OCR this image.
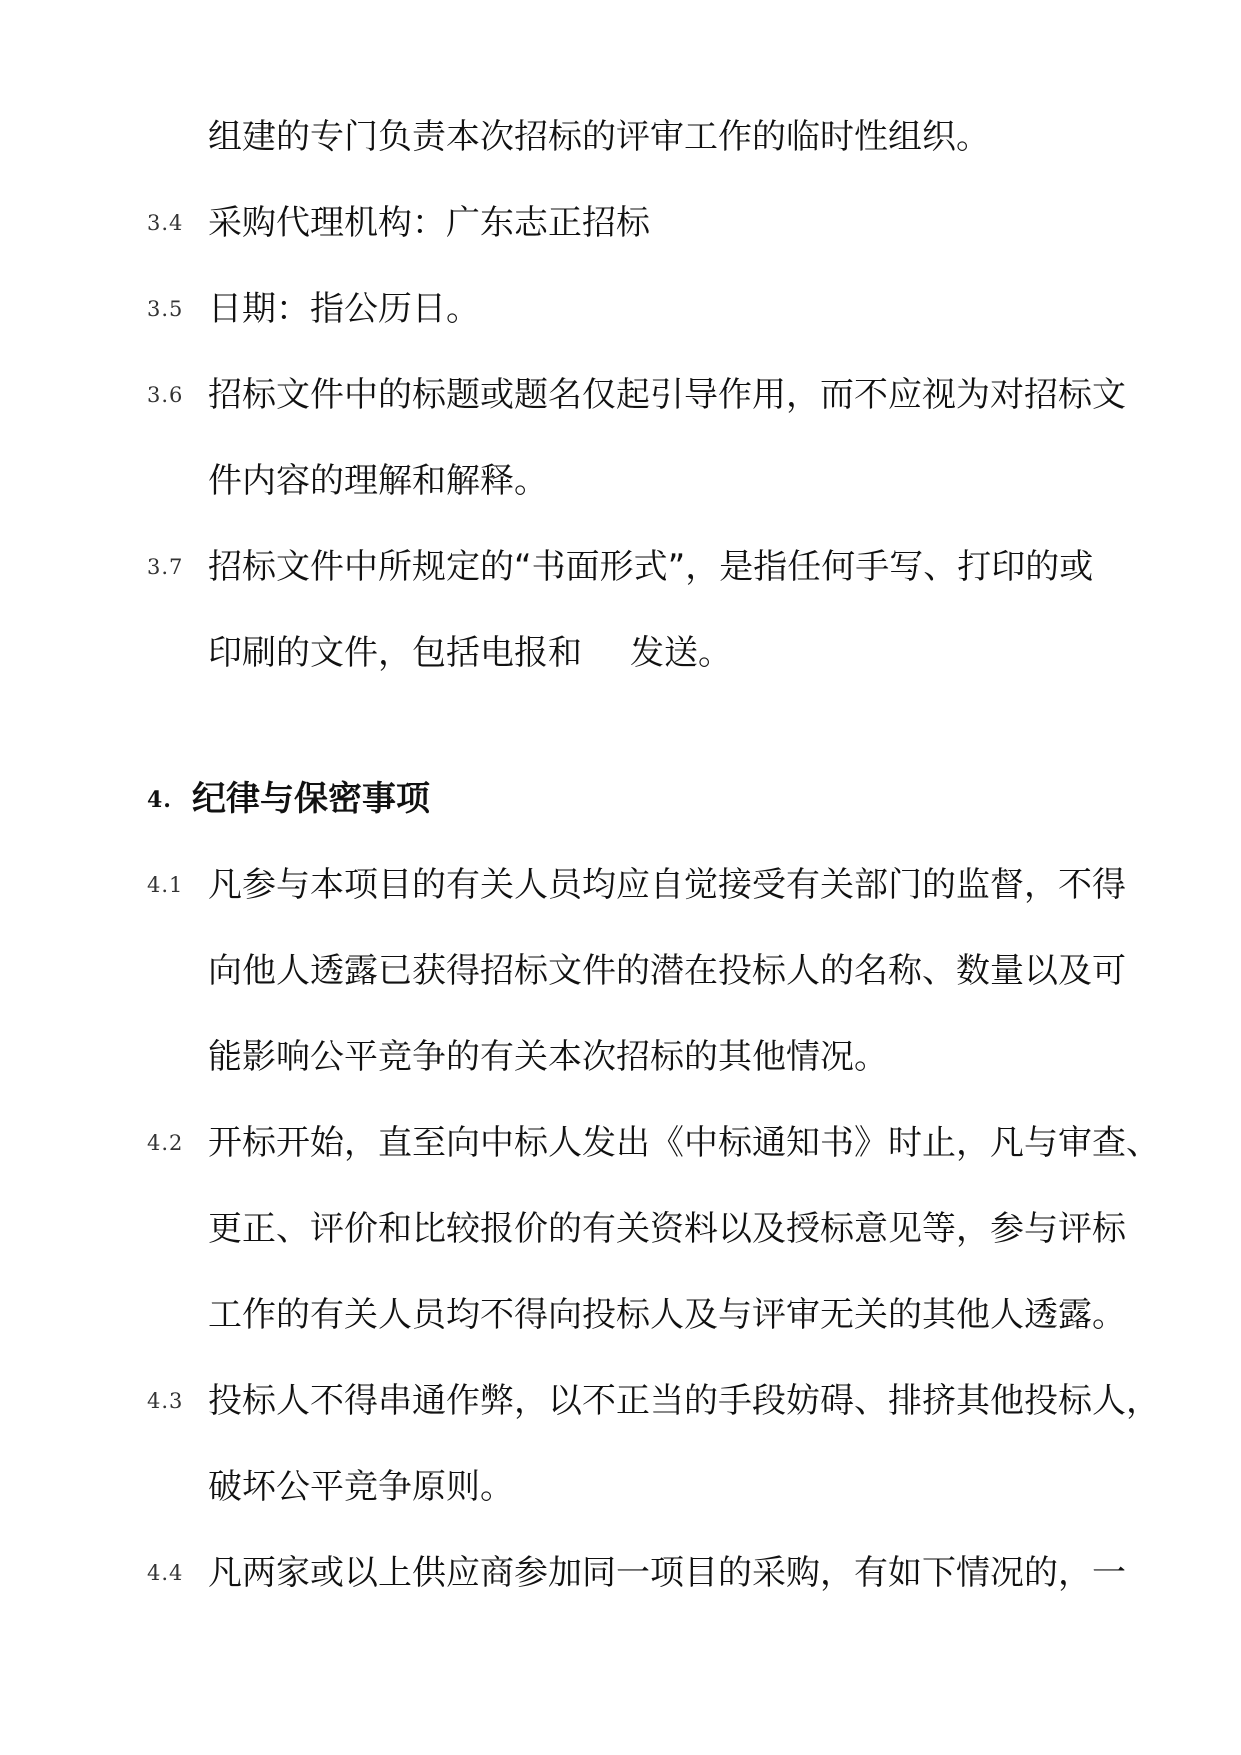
组建的专门负责本次招标的评审工作的临时性组织。
3.4 采购代理机构：广东志正招标
3.5 日期：指公历日。
3.6 招标文件中的标题或题名仅起引导作用，而不应视为对招标文
件内容的理解和解释。
3.7 招标文件中所规定的“书面形式”，是指任何手写、打印的或
印刷的文件，包括电报和 发送。
4. 纪律与保密事项
4.1 凡参与本项目的有关人员均应自觉接受有关部门的监督，不得
向他人透露已获得招标文件的潜在投标人的名称、数量以及可
能影响公平竞争的有关本次招标的其他情况。
4.2 开标开始，直至向中标人发出《中标通知书》时止，凡与审查、
更正、评价和比较报价的有关资料以及授标意见等，参与评标
工作的有关人员均不得向投标人及与评审无关的其他人透露。
4.3 投标人不得串通作弊，以不正当的手段妨碍、排挤其他投标人，
破坏公平竞争原则。
4.4 凡两家或以上供应商参加同一项目的采购，有如下情况的，一
